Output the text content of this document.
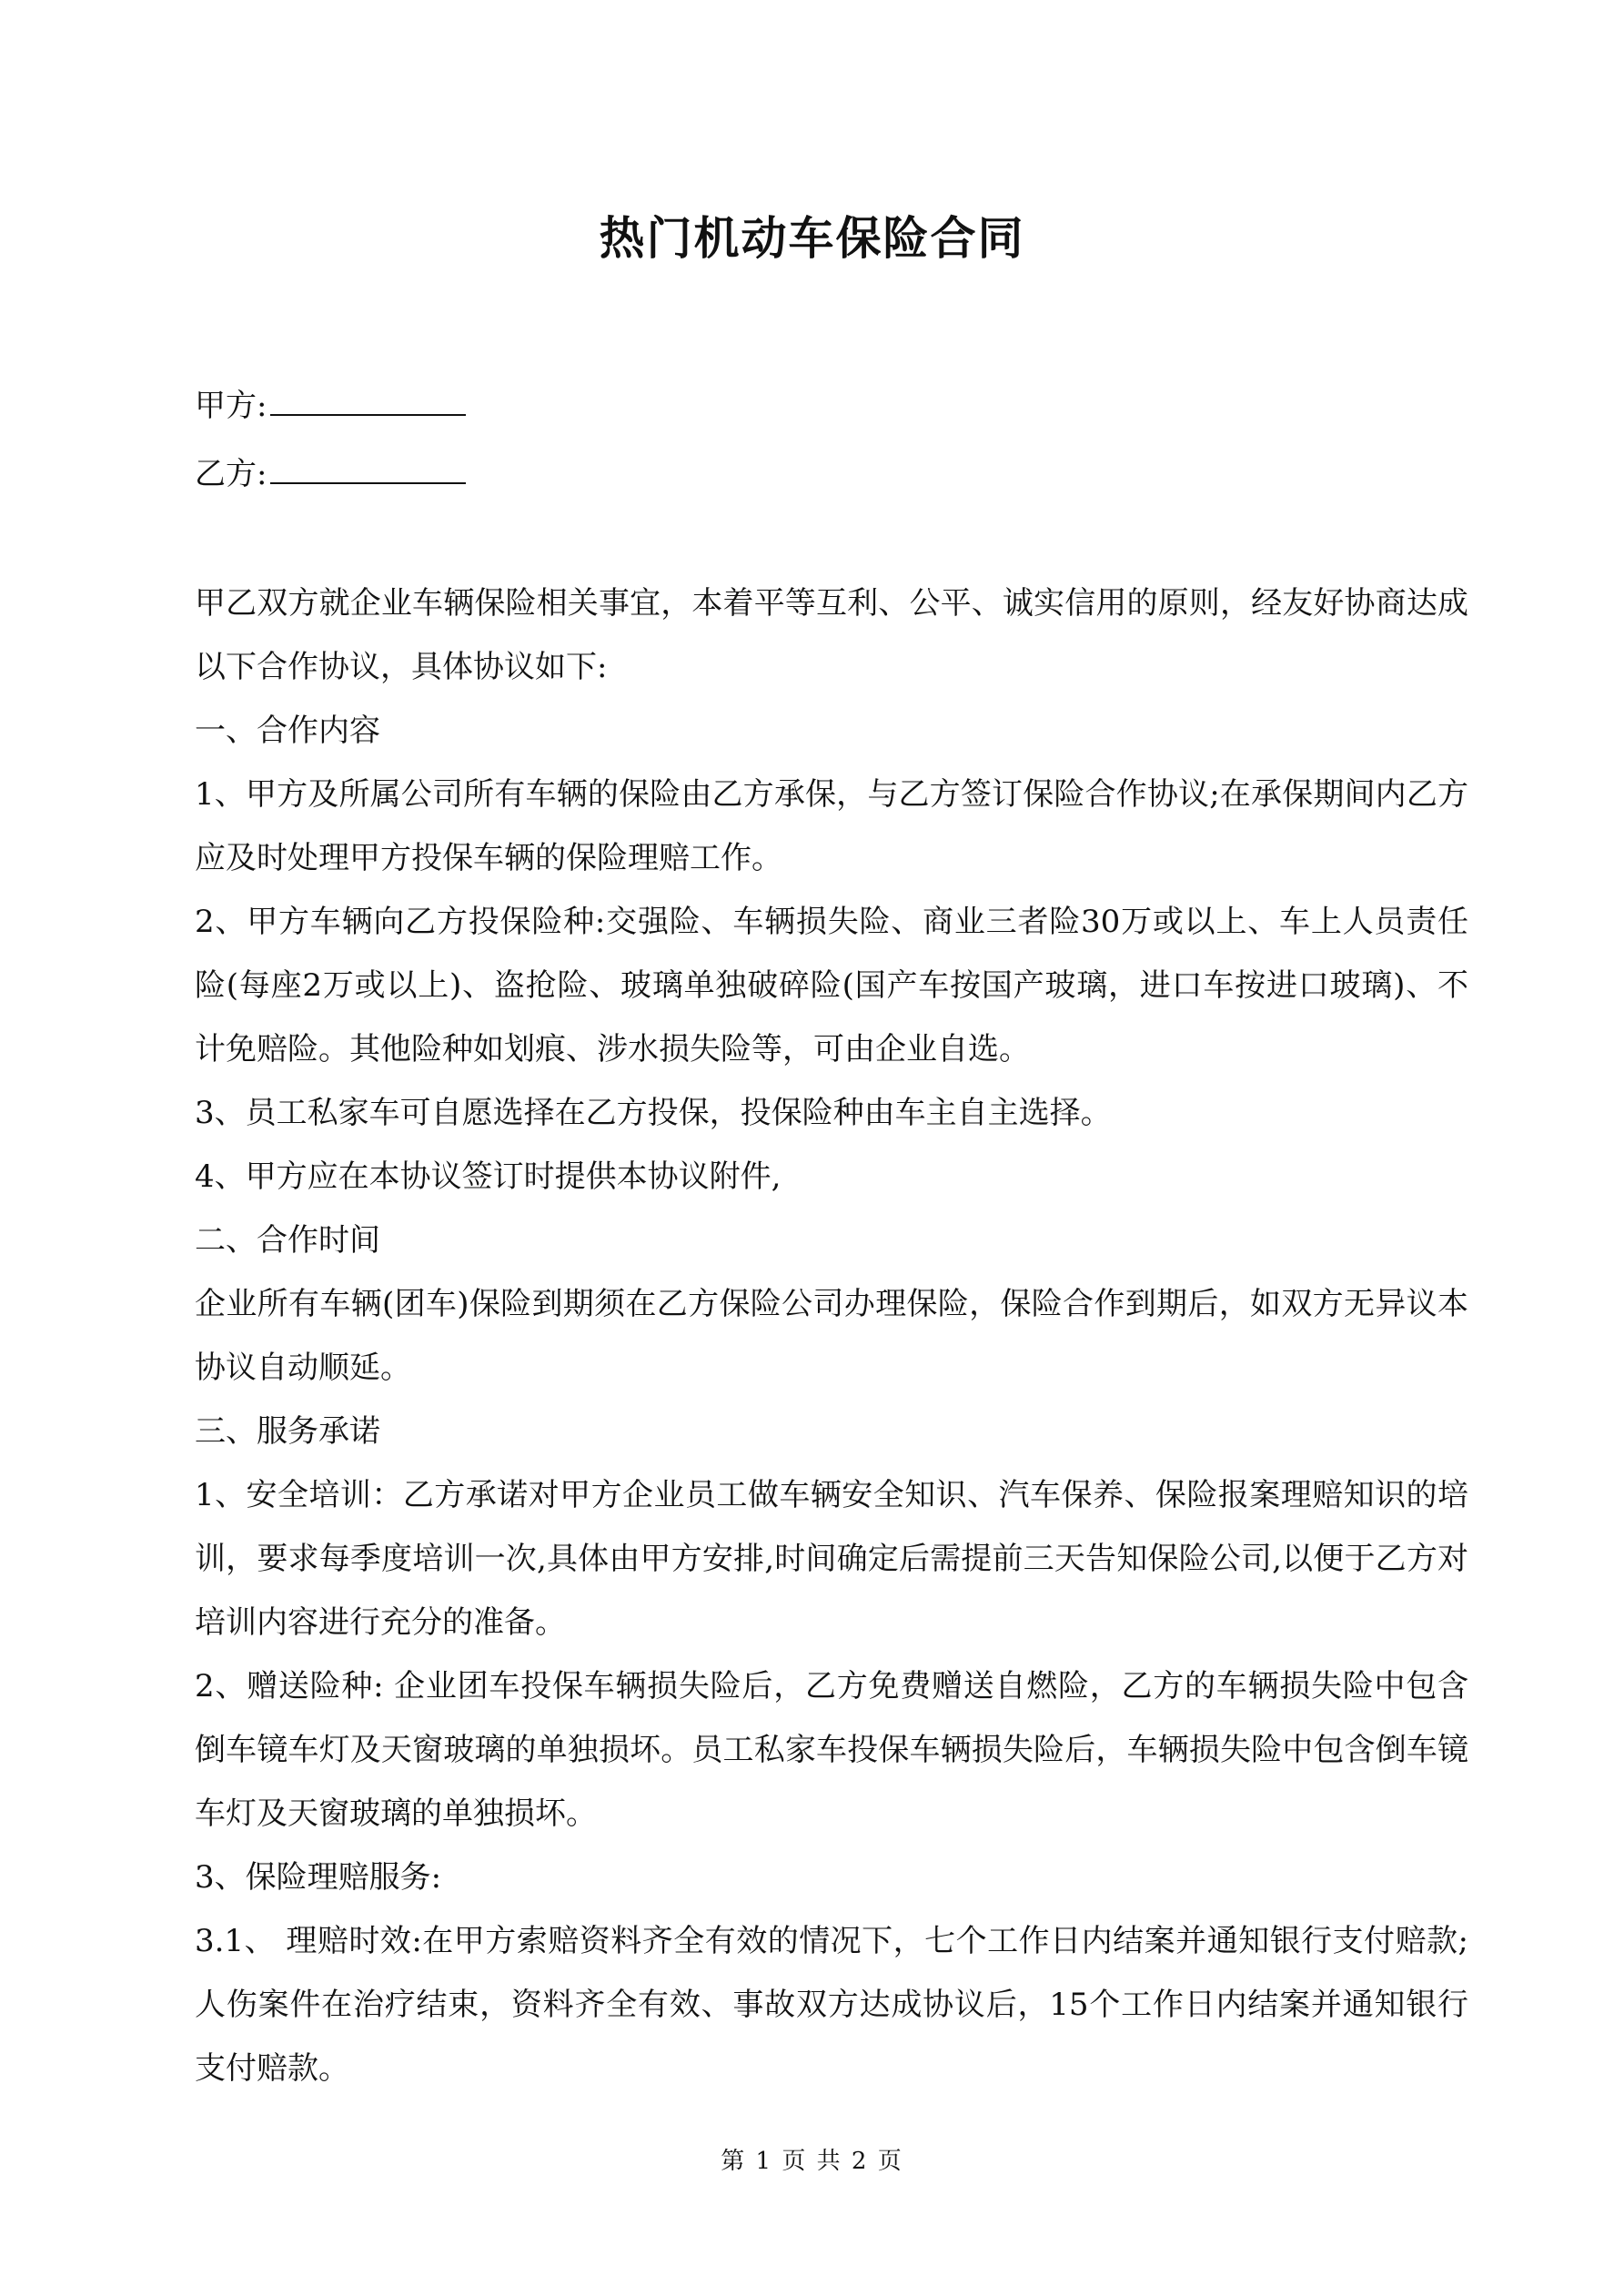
热门机动车保险合同
甲方:
乙方:

甲乙双方就企业车辆保险相关事宜，本着平等互利、公平、诚实信用的原则，经友好协商达成以下合作协议，具体协议如下:

一、合作内容

1、甲方及所属公司所有车辆的保险由乙方承保，与乙方签订保险合作协议;在承保期间内乙方应及时处理甲方投保车辆的保险理赔工作。

2、甲方车辆向乙方投保险种:交强险、车辆损失险、商业三者险30万或以上、车上人员责任险(每座2万或以上)、盗抢险、玻璃单独破碎险(国产车按国产玻璃，进口车按进口玻璃)、不计免赔险。其他险种如划痕、涉水损失险等，可由企业自选。

3、员工私家车可自愿选择在乙方投保，投保险种由车主自主选择。

4、甲方应在本协议签订时提供本协议附件,

二、合作时间

企业所有车辆(团车)保险到期须在乙方保险公司办理保险，保险合作到期后，如双方无异议本协议自动顺延。

三、服务承诺

1、安全培训：乙方承诺对甲方企业员工做车辆安全知识、汽车保养、保险报案理赔知识的培训，要求每季度培训一次,具体由甲方安排,时间确定后需提前三天告知保险公司,以便于乙方对培训内容进行充分的准备。

2、赠送险种: 企业团车投保车辆损失险后，乙方免费赠送自燃险，乙方的车辆损失险中包含倒车镜车灯及天窗玻璃的单独损坏。员工私家车投保车辆损失险后，车辆损失险中包含倒车镜车灯及天窗玻璃的单独损坏。

3、保险理赔服务:

3.1、 理赔时效:在甲方索赔资料齐全有效的情况下，七个工作日内结案并通知银行支付赔款;人伤案件在治疗结束，资料齐全有效、事故双方达成协议后，15个工作日内结案并通知银行支付赔款。

第 1 页 共 2 页
